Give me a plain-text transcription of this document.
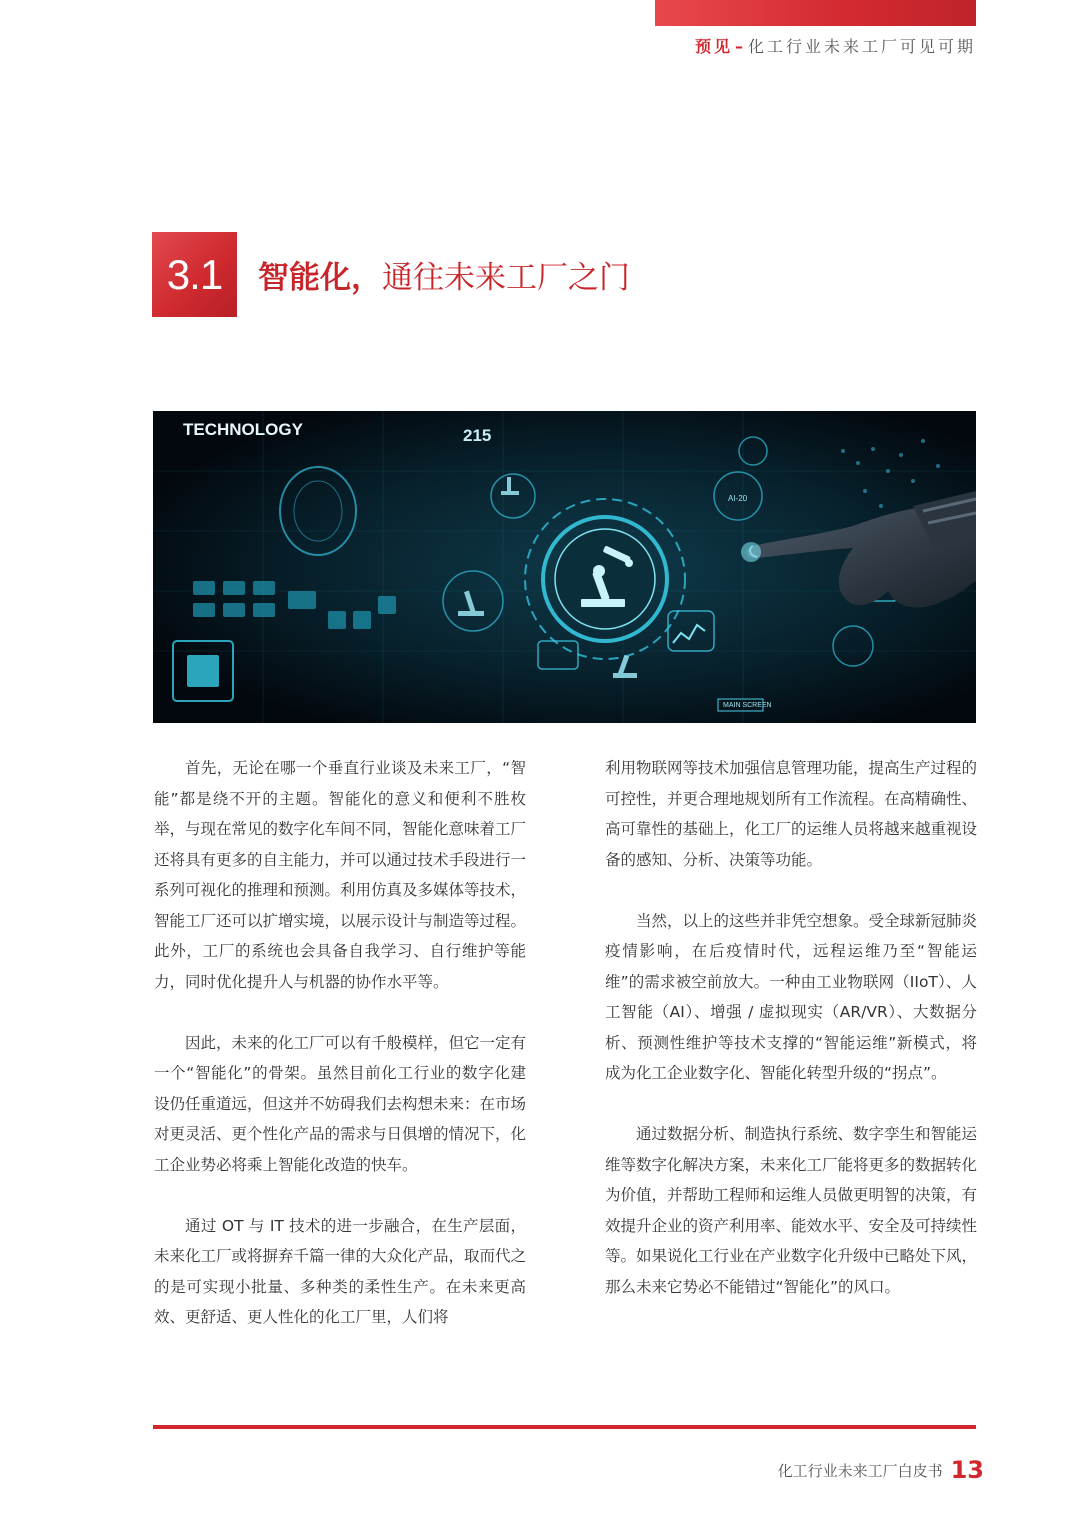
预见 – 化工行业未来工厂可见可期
3.1 智能化， 通往未来工厂之门
TECHNOLOGY	215
AI-20
MAIN SCREEN

首先，无论在哪一个垂直行业谈及未来工厂，“智能”都是绕不开的主题。智能化的意义和便利不胜枚举，与现在常见的数字化车间不同，智能化意味着工厂还将具有更多的自主能力，并可以通过技术手段进行一系列可视化的推理和预测。利用仿真及多媒体等技术，智能工厂还可以扩增实境，以展示设计与制造等过程。此外，工厂的系统也会具备自我学习、自行维护等能力，同时优化提升人与机器的协作水平等。

因此，未来的化工厂可以有千般模样，但它一定有一个“智能化”的骨架。虽然目前化工行业的数字化建设仍任重道远，但这并不妨碍我们去构想未来：在市场对更灵活、更个性化产品的需求与日俱增的情况下，化工企业势必将乘上智能化改造的快车。

通过 OT 与 IT 技术的进一步融合，在生产层面，未来化工厂或将摒弃千篇一律的大众化产品，取而代之的是可实现小批量、多种类的柔性生产。在未来更高效、更舒适、更人性化的化工厂里，人们将

利用物联网等技术加强信息管理功能，提高生产过程的可控性，并更合理地规划所有工作流程。在高精确性、高可靠性的基础上，化工厂的运维人员将越来越重视设备的感知、分析、决策等功能。

当然，以上的这些并非凭空想象。受全球新冠肺炎疫情影响，在后疫情时代，远程运维乃至“智能运维”的需求被空前放大。一种由工业物联网（IIoT）、人工智能（AI）、增强 / 虚拟现实（AR/VR）、大数据分析、预测性维护等技术支撑的“智能运维”新模式，将成为化工企业数字化、智能化转型升级的“拐点”。

通过数据分析、制造执行系统、数字孪生和智能运维等数字化解决方案，未来化工厂能将更多的数据转化为价值，并帮助工程师和运维人员做更明智的决策，有效提升企业的资产利用率、能效水平、安全及可持续性等。如果说化工行业在产业数字化升级中已略处下风，那么未来它势必不能错过“智能化”的风口。

化工行业未来工厂白皮书 13
